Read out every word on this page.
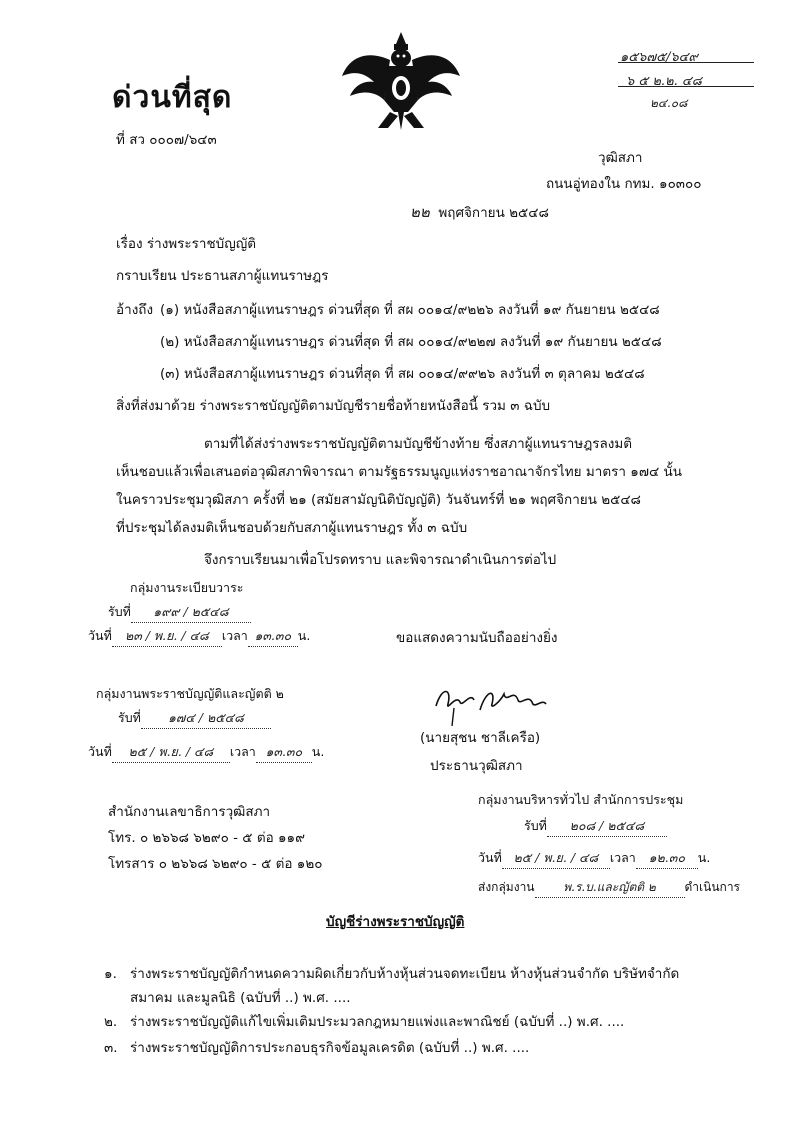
ด่วนที่สุด
ที่ สว ๐๐๐๗/๖๔๓
๑๕๖๗๕/๖๔๙
๖ ๕ ๒.๒. ๔๘
๒๔.๐๘
วุฒิสภา
ถนนอู่ทองใน กทม. ๑๐๓๐๐
๒๒ พฤศจิกายน ๒๕๔๘
เรื่อง ร่างพระราชบัญญัติ
กราบเรียน ประธานสภาผู้แทนราษฎร
อ้างถึง (๑) หนังสือสภาผู้แทนราษฎร ด่วนที่สุด ที่ สผ ๐๐๑๔/๙๒๒๖ ลงวันที่ ๑๙ กันยายน ๒๕๔๘
(๒) หนังสือสภาผู้แทนราษฎร ด่วนที่สุด ที่ สผ ๐๐๑๔/๙๒๒๗ ลงวันที่ ๑๙ กันยายน ๒๕๔๘
(๓) หนังสือสภาผู้แทนราษฎร ด่วนที่สุด ที่ สผ ๐๐๑๔/๙๙๒๖ ลงวันที่ ๓ ตุลาคม ๒๕๔๘
สิ่งที่ส่งมาด้วย ร่างพระราชบัญญัติตามบัญชีรายชื่อท้ายหนังสือนี้ รวม ๓ ฉบับ
ตามที่ได้ส่งร่างพระราชบัญญัติตามบัญชีข้างท้าย ซึ่งสภาผู้แทนราษฎรลงมติ
เห็นชอบแล้วเพื่อเสนอต่อวุฒิสภาพิจารณา ตามรัฐธรรมนูญแห่งราชอาณาจักรไทย มาตรา ๑๗๔ นั้น
ในคราวประชุมวุฒิสภา ครั้งที่ ๒๑ (สมัยสามัญนิติบัญญัติ) วันจันทร์ที่ ๒๑ พฤศจิกายน ๒๕๔๘
ที่ประชุมได้ลงมติเห็นชอบด้วยกับสภาผู้แทนราษฎร ทั้ง ๓ ฉบับ
จึงกราบเรียนมาเพื่อโปรดทราบ และพิจารณาดำเนินการต่อไป
กลุ่มงานระเบียบวาระ
รับที่ ๑๙๙ / ๒๕๔๘
วันที่ ๒๓ / พ.ย. / ๔๘ เวลา ๑๓.๓๐ น.	ขอแสดงความนับถืออย่างยิ่ง
กลุ่มงานพระราชบัญญัติและญัตติ ๒
รับที่ ๑๗๔ / ๒๕๔๘
วันที่ ๒๕ / พ.ย. / ๔๘ เวลา ๑๓.๓๐ น.
(นายสุชน ชาลีเครือ)
ประธานวุฒิสภา
กลุ่มงานบริหารทั่วไป สำนักการประชุม
รับที่ ๒๐๘ / ๒๕๔๘
วันที่ ๒๕ / พ.ย. / ๔๘ เวลา ๑๒.๓๐ น.
ส่งกลุ่มงาน พ.ร.บ.และญัตติ ๒ ดำเนินการ
สำนักงานเลขาธิการวุฒิสภา
โทร. ๐ ๒๖๖๘ ๖๒๙๐ - ๕ ต่อ ๑๑๙
โทรสาร ๐ ๒๖๖๘ ๖๒๙๐ - ๕ ต่อ ๑๒๐
บัญชีร่างพระราชบัญญัติ
๑. ร่างพระราชบัญญัติกำหนดความผิดเกี่ยวกับห้างหุ้นส่วนจดทะเบียน ห้างหุ้นส่วนจำกัด บริษัทจำกัด
สมาคม และมูลนิธิ (ฉบับที่ ..) พ.ศ. ....
๒. ร่างพระราชบัญญัติแก้ไขเพิ่มเติมประมวลกฎหมายแพ่งและพาณิชย์ (ฉบับที่ ..) พ.ศ. ....
๓. ร่างพระราชบัญญัติการประกอบธุรกิจข้อมูลเครดิต (ฉบับที่ ..) พ.ศ. ....
